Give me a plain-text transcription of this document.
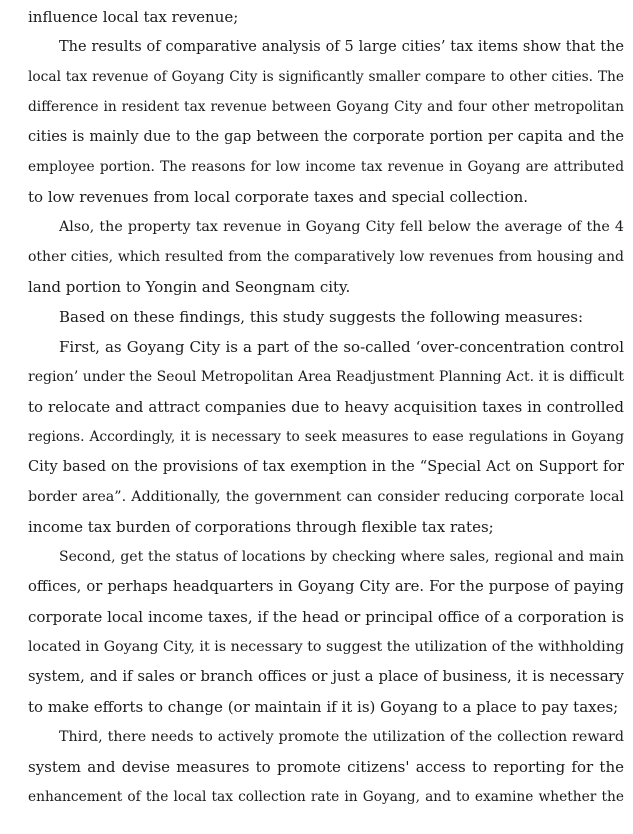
influence local tax revenue;
The results of comparative analysis of 5 large cities’ tax items show that the
local tax revenue of Goyang City is significantly smaller compare to other cities. The
difference in resident tax revenue between Goyang City and four other metropolitan
cities is mainly due to the gap between the corporate portion per capita and the
employee portion. The reasons for low income tax revenue in Goyang are attributed
to low revenues from local corporate taxes and special collection.
Also, the property tax revenue in Goyang City fell below the average of the 4
other cities, which resulted from the comparatively low revenues from housing and
land portion to Yongin and Seongnam city.
Based on these findings, this study suggests the following measures:
First, as Goyang City is a part of the so-called ‘over-concentration control
region’ under the Seoul Metropolitan Area Readjustment Planning Act. it is difficult
to relocate and attract companies due to heavy acquisition taxes in controlled
regions. Accordingly, it is necessary to seek measures to ease regulations in Goyang
City based on the provisions of tax exemption in the “Special Act on Support for
border area”. Additionally, the government can consider reducing corporate local
income tax burden of corporations through flexible tax rates;
Second, get the status of locations by checking where sales, regional and main
offices, or perhaps headquarters in Goyang City are. For the purpose of paying
corporate local income taxes, if the head or principal office of a corporation is
located in Goyang City, it is necessary to suggest the utilization of the withholding
system, and if sales or branch offices or just a place of business, it is necessary
to make efforts to change (or maintain if it is) Goyang to a place to pay taxes;
Third, there needs to actively promote the utilization of the collection reward
system and devise measures to promote citizens' access to reporting for the
enhancement of the local tax collection rate in Goyang, and to examine whether the
